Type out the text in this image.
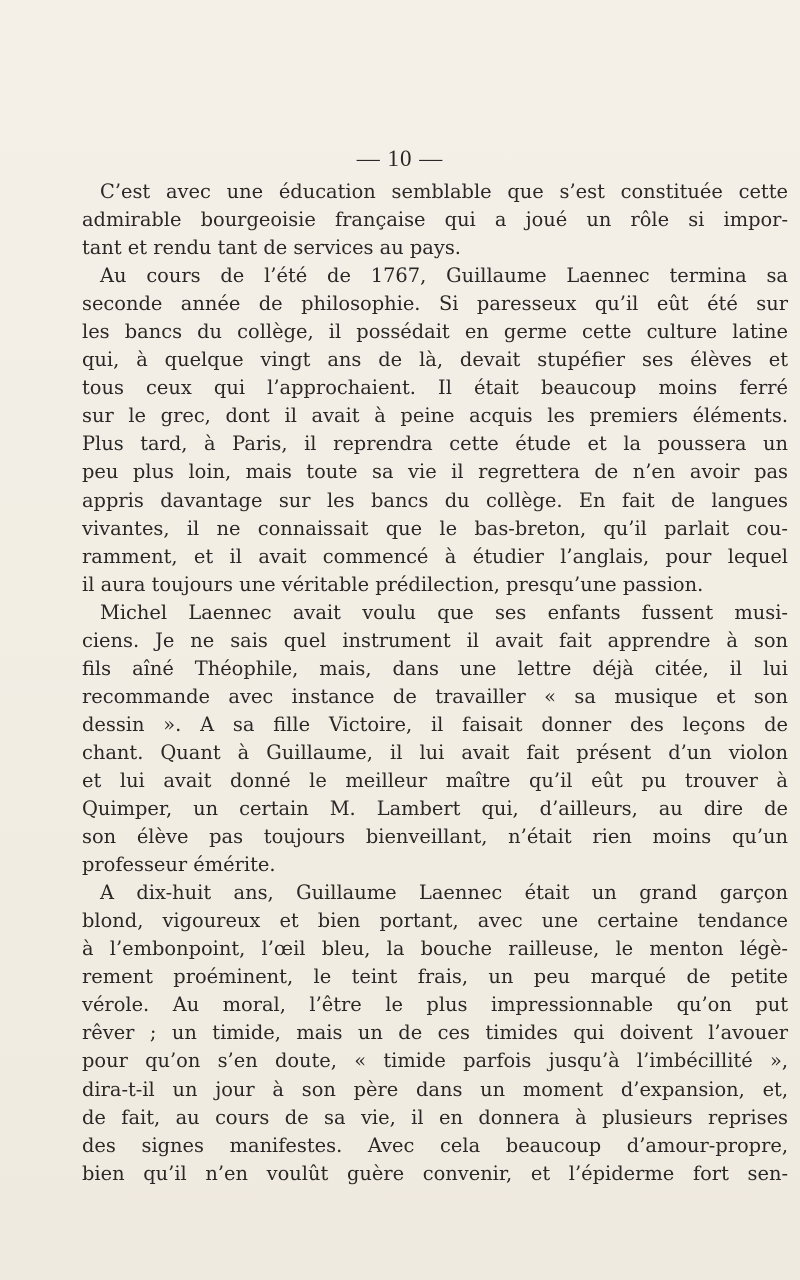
— 10 —
C’est avec une éducation semblable que s’est constituée cette
admirable bourgeoisie française qui a joué un rôle si impor-
tant et rendu tant de services au pays.
Au cours de l’été de 1767, Guillaume Laennec termina sa
seconde année de philosophie. Si paresseux qu’il eût été sur
les bancs du collège, il possédait en germe cette culture latine
qui, à quelque vingt ans de là, devait stupéfier ses élèves et
tous ceux qui l’approchaient. Il était beaucoup moins ferré
sur le grec, dont il avait à peine acquis les premiers éléments.
Plus tard, à Paris, il reprendra cette étude et la poussera un
peu plus loin, mais toute sa vie il regrettera de n’en avoir pas
appris davantage sur les bancs du collège. En fait de langues
vivantes, il ne connaissait que le bas-breton, qu’il parlait cou-
ramment, et il avait commencé à étudier l’anglais, pour lequel
il aura toujours une véritable prédilection, presqu’une passion.
Michel Laennec avait voulu que ses enfants fussent musi-
ciens. Je ne sais quel instrument il avait fait apprendre à son
fils aîné Théophile, mais, dans une lettre déjà citée, il lui
recommande avec instance de travailler « sa musique et son
dessin ». A sa fille Victoire, il faisait donner des leçons de
chant. Quant à Guillaume, il lui avait fait présent d’un violon
et lui avait donné le meilleur maître qu’il eût pu trouver à
Quimper, un certain M. Lambert qui, d’ailleurs, au dire de
son élève pas toujours bienveillant, n’était rien moins qu’un
professeur émérite.
A dix-huit ans, Guillaume Laennec était un grand garçon
blond, vigoureux et bien portant, avec une certaine tendance
à l’embonpoint, l’œil bleu, la bouche railleuse, le menton légè-
rement proéminent, le teint frais, un peu marqué de petite
vérole. Au moral, l’être le plus impressionnable qu’on put
rêver ; un timide, mais un de ces timides qui doivent l’avouer
pour qu’on s’en doute, « timide parfois jusqu’à l’imbécillité »,
dira-t-il un jour à son père dans un moment d’expansion, et,
de fait, au cours de sa vie, il en donnera à plusieurs reprises
des signes manifestes. Avec cela beaucoup d’amour-propre,
bien qu’il n’en voulût guère convenir, et l’épiderme fort sen-
